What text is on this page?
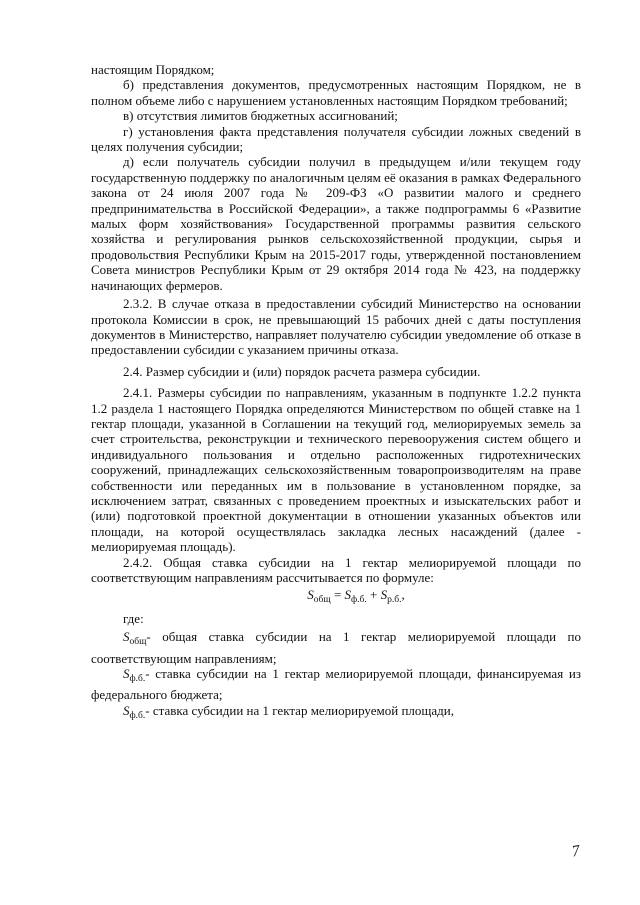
настоящим Порядком;

б) представления документов, предусмотренных настоящим Порядком, не в полном объеме либо с нарушением установленных настоящим Порядком требований;

в) отсутствия лимитов бюджетных ассигнований;

г) установления факта представления получателя субсидии ложных сведений в целях получения субсидии;

д) если получатель субсидии получил в предыдущем и/или текущем году государственную поддержку по аналогичным целям её оказания в рамках Федерального закона от 24 июля 2007 года № 209-ФЗ «О развитии малого и среднего предпринимательства в Российской Федерации», а также подпрограммы 6 «Развитие малых форм хозяйствования» Государственной программы развития сельского хозяйства и регулирования рынков сельскохозяйственной продукции, сырья и продовольствия Республики Крым на 2015-2017 годы, утвержденной постановлением Совета министров Республики Крым от 29 октября 2014 года № 423, на поддержку начинающих фермеров.

2.3.2. В случае отказа в предоставлении субсидий Министерство на основании протокола Комиссии в срок, не превышающий 15 рабочих дней с даты поступления документов в Министерство, направляет получателю субсидии уведомление об отказе в предоставлении субсидии с указанием причины отказа.

2.4. Размер субсидии и (или) порядок расчета размера субсидии.

2.4.1. Размеры субсидии по направлениям, указанным в подпункте 1.2.2 пункта 1.2 раздела 1 настоящего Порядка определяются Министерством по общей ставке на 1 гектар площади, указанной в Соглашении на текущий год, мелиорируемых земель за счет строительства, реконструкции и технического перевооружения систем общего и индивидуального пользования и отдельно расположенных гидротехнических сооружений, принадлежащих сельскохозяйственным товаропроизводителям на праве собственности или переданных им в пользование в установленном порядке, за исключением затрат, связанных с проведением проектных и изыскательских работ и (или) подготовкой проектной документации в отношении указанных объектов или площади, на которой осуществлялась закладка лесных насаждений (далее - мелиорируемая площадь).

2.4.2. Общая ставка субсидии на 1 гектар мелиорируемой площади по соответствующим направлениям рассчитывается по формуле:

$S_{общ} = S_{ф.б.} + S_{р.б.}$,

где:

$S_{общ}-$ общая ставка субсидии на 1 гектар мелиорируемой площади по соответствующим направлениям;

$S_{ф.б.}-$ ставка субсидии на 1 гектар мелиорируемой площади, финансируемая из федерального бюджета;

$S_{ф.б.}-$ ставка субсидии на 1 гектар мелиорируемой площади,

7
